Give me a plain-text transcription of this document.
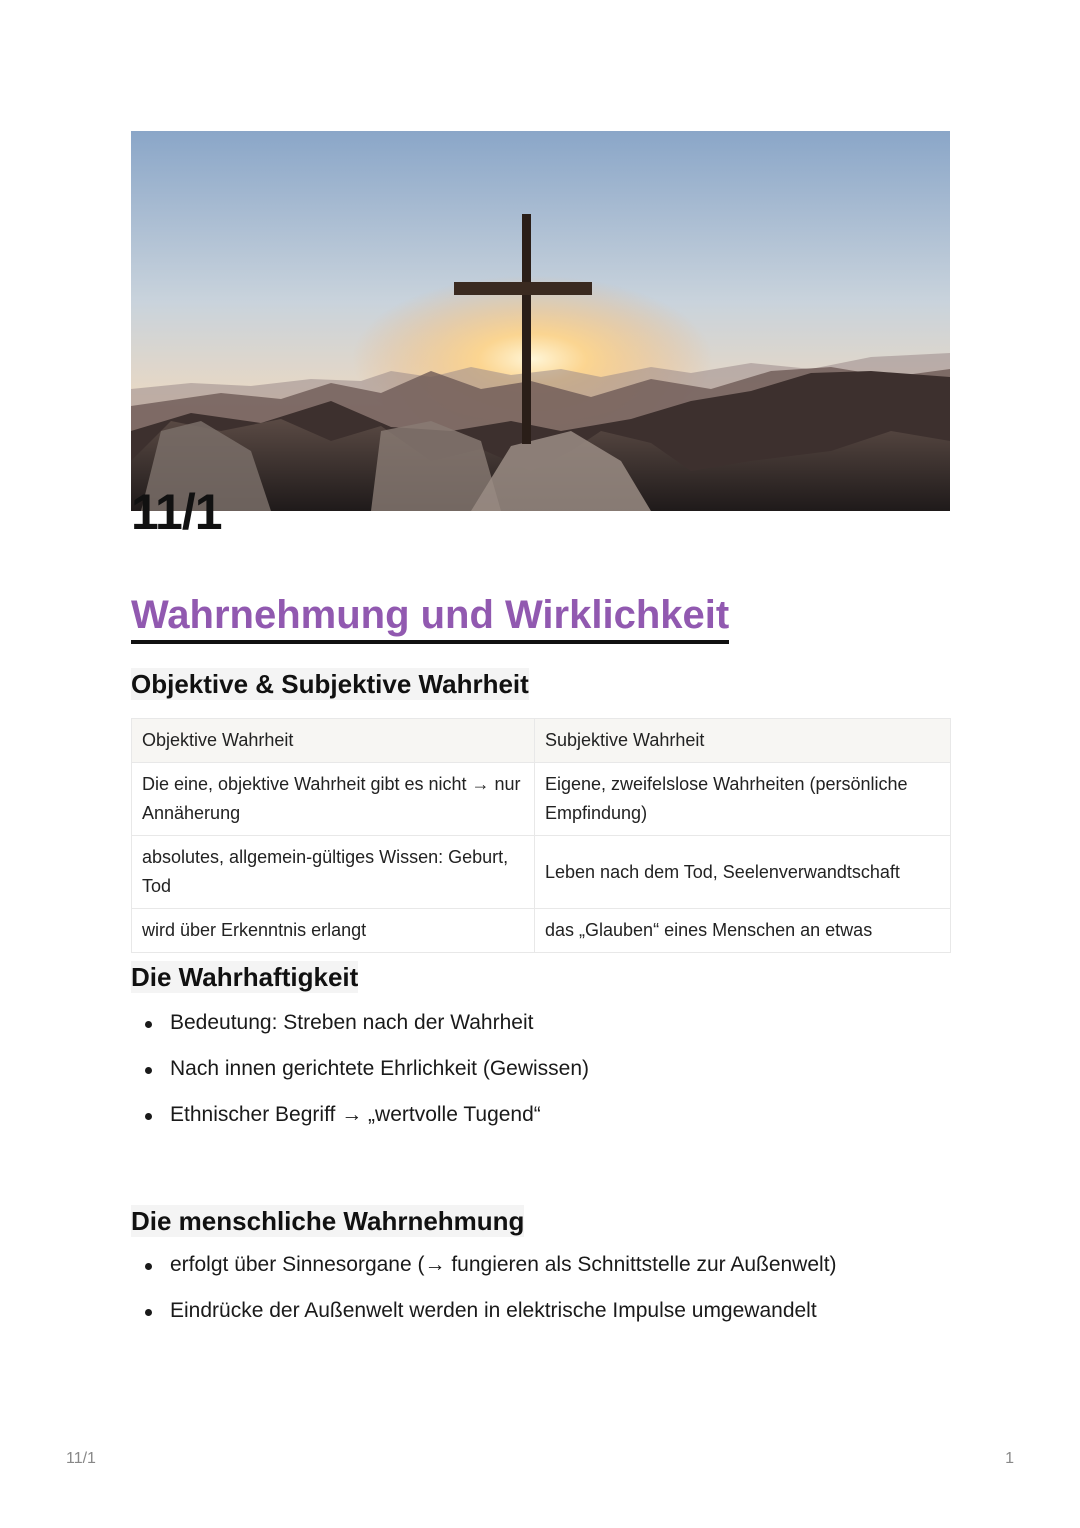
11/1
Wahrnehmung und Wirklichkeit
Objektive & Subjektive Wahrheit
Objektive Wahrheit	Subjektive Wahrheit
Die eine, objektive Wahrheit gibt es nicht → nur Annäherung	Eigene, zweifelslose Wahrheiten (persönliche Empfindung)
absolutes, allgemein-gültiges Wissen: Geburt, Tod	Leben nach dem Tod, Seelenverwandtschaft
wird über Erkenntnis erlangt	das „Glauben“ eines Menschen an etwas
Die Wahrhaftigkeit
Bedeutung: Streben nach der Wahrheit
Nach innen gerichtete Ehrlichkeit (Gewissen)
Ethnischer Begriff → „wertvolle Tugend“
Die menschliche Wahrnehmung
erfolgt über Sinnesorgane (→ fungieren als Schnittstelle zur Außenwelt)
Eindrücke der Außenwelt werden in elektrische Impulse umgewandelt
11/1	1
